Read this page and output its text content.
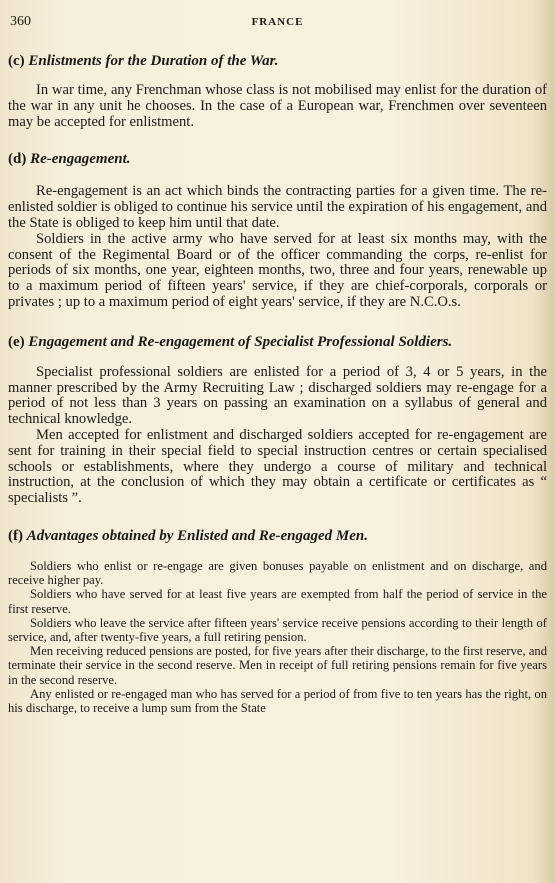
360	FRANCE
(c) Enlistments for the Duration of the War.

In war time, any Frenchman whose class is not mobilised may enlist for the duration of the war in any unit he chooses. In the case of a European war, Frenchmen over seventeen may be accepted for enlistment.

(d) Re-engagement.

Re-engagement is an act which binds the contracting parties for a given time. The re-enlisted soldier is obliged to continue his service until the expiration of his engagement, and the State is obliged to keep him until that date.

Soldiers in the active army who have served for at least six months may, with the consent of the Regimental Board or of the officer commanding the corps, re-enlist for periods of six months, one year, eighteen months, two, three and four years, renewable up to a maximum period of fifteen years' service, if they are chief-corporals, corporals or privates ; up to a maximum period of eight years' service, if they are N.C.O.s.

(e) Engagement and Re-engagement of Specialist Professional Soldiers.

Specialist professional soldiers are enlisted for a period of 3, 4 or 5 years, in the manner prescribed by the Army Recruiting Law ; discharged soldiers may re-engage for a period of not less than 3 years on passing an examination on a syllabus of general and technical knowledge.

Men accepted for enlistment and discharged soldiers accepted for re-engagement are sent for training in their special field to special instruction centres or certain specialised schools or establishments, where they undergo a course of military and technical instruction, at the conclusion of which they may obtain a certificate or certificates as “ specialists ”.

(f) Advantages obtained by Enlisted and Re-engaged Men.

Soldiers who enlist or re-engage are given bonuses payable on enlistment and on discharge, and receive higher pay.

Soldiers who have served for at least five years are exempted from half the period of service in the first reserve.

Soldiers who leave the service after fifteen years' service receive pensions according to their length of service, and, after twenty-five years, a full retiring pension.

Men receiving reduced pensions are posted, for five years after their discharge, to the first reserve, and terminate their service in the second reserve. Men in receipt of full retiring pensions remain for five years in the second reserve.

Any enlisted or re-engaged man who has served for a period of from five to ten years has the right, on his discharge, to receive a lump sum from the State
